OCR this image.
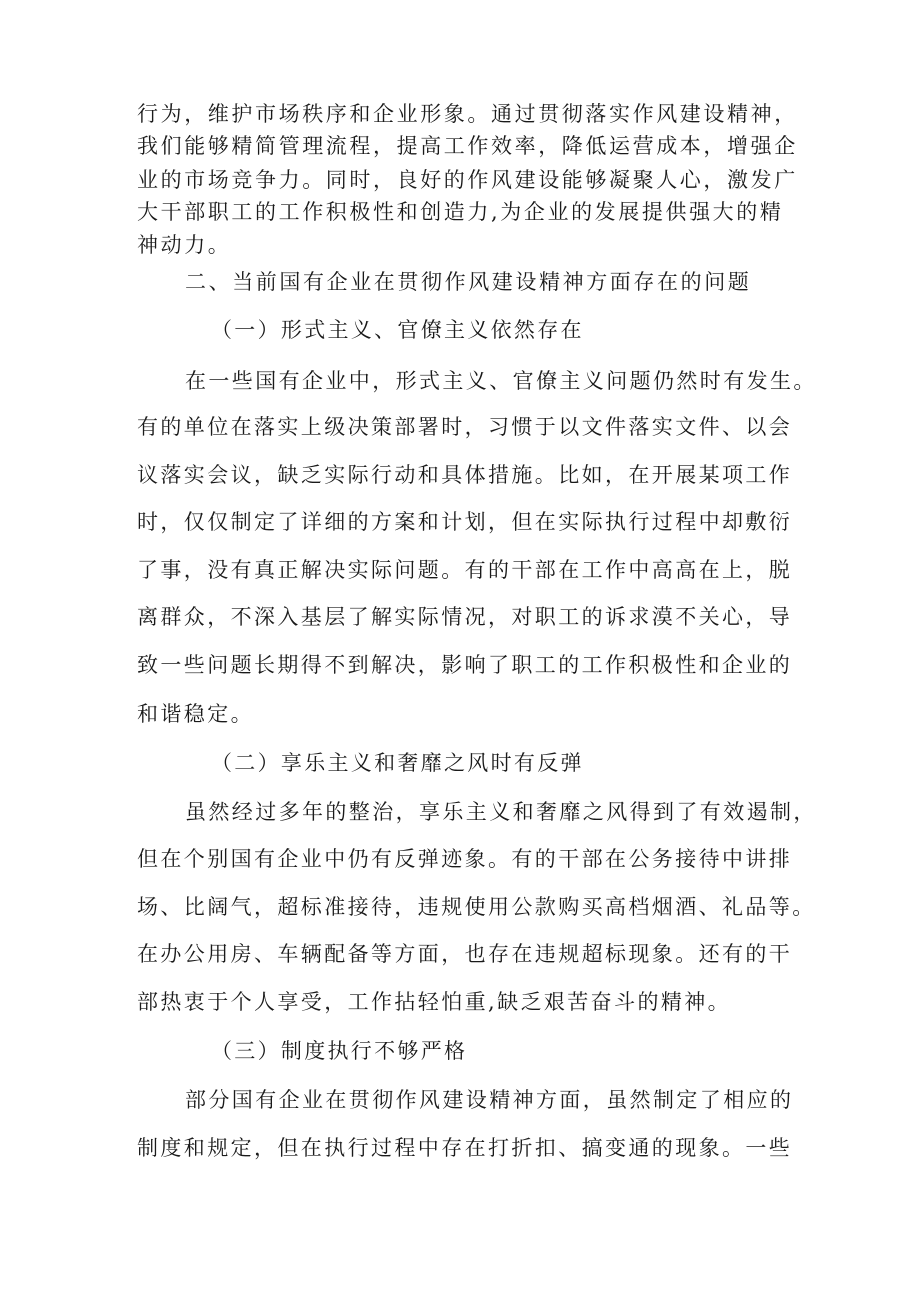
行为，维护市场秩序和企业形象。通过贯彻落实作风建设精神，
我们能够精简管理流程，提高工作效率，降低运营成本，增强企
业的市场竞争力。同时，良好的作风建设能够凝聚人心，激发广
大干部职工的工作积极性和创造力,为企业的发展提供强大的精
神动力。
二、当前国有企业在贯彻作风建设精神方面存在的问题
（一）形式主义、官僚主义依然存在
在一些国有企业中，形式主义、官僚主义问题仍然时有发生。
有的单位在落实上级决策部署时，习惯于以文件落实文件、以会
议落实会议，缺乏实际行动和具体措施。比如，在开展某项工作
时，仅仅制定了详细的方案和计划，但在实际执行过程中却敷衍
了事，没有真正解决实际问题。有的干部在工作中高高在上，脱
离群众，不深入基层了解实际情况，对职工的诉求漠不关心，导
致一些问题长期得不到解决，影响了职工的工作积极性和企业的
和谐稳定。
（二）享乐主义和奢靡之风时有反弹
虽然经过多年的整治，享乐主义和奢靡之风得到了有效遏制，
但在个别国有企业中仍有反弹迹象。有的干部在公务接待中讲排
场、比阔气，超标准接待，违规使用公款购买高档烟酒、礼品等。
在办公用房、车辆配备等方面，也存在违规超标现象。还有的干
部热衷于个人享受，工作拈轻怕重,缺乏艰苦奋斗的精神。
（三）制度执行不够严格
部分国有企业在贯彻作风建设精神方面，虽然制定了相应的
制度和规定，但在执行过程中存在打折扣、搞变通的现象。一些
